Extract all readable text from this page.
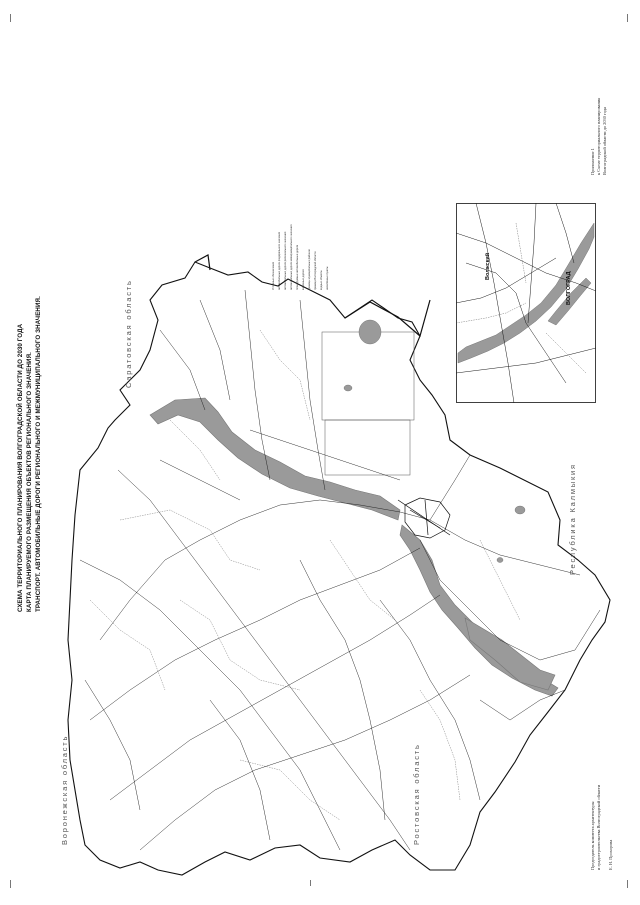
СХЕМА ТЕРРИТОРИАЛЬНОГО ПЛАНИРОВАНИЯ ВОЛГОГРАДСКОЙ ОБЛАСТИ ДО 2030 ГОДА КАРТА ПЛАНИРУЕМОГО РАЗМЕЩЕНИЯ ОБЪЕКТОВ РЕГИОНАЛЬНОГО ЗНАЧЕНИЯ. ТРАНСПОРТ. АВТОМОБИЛЬНЫЕ ДОРОГИ РЕГИОНАЛЬНОГО И МЕЖМУНИЦИПАЛЬНОГО ЗНАЧЕНИЯ.
Приложение 1 к Схеме территориального планирования Волгоградской области до 2030 года
Председатель комитета архитектуры и градостроительства Волгоградской области Е. Н. Прохорова
Саратовская область
Республика Калмыкия
Ростовская область
Воронежская область
ВОЛГОГРАД
Волжский
Условные обозначения автомобильные дороги федерального значения автомобильные дороги регионального значения автомобильные дороги межмуниципального значения планируемые автомобильные дороги железные дороги границы муниципальных районов граница Волгоградской области водные объекты населённые пункты
